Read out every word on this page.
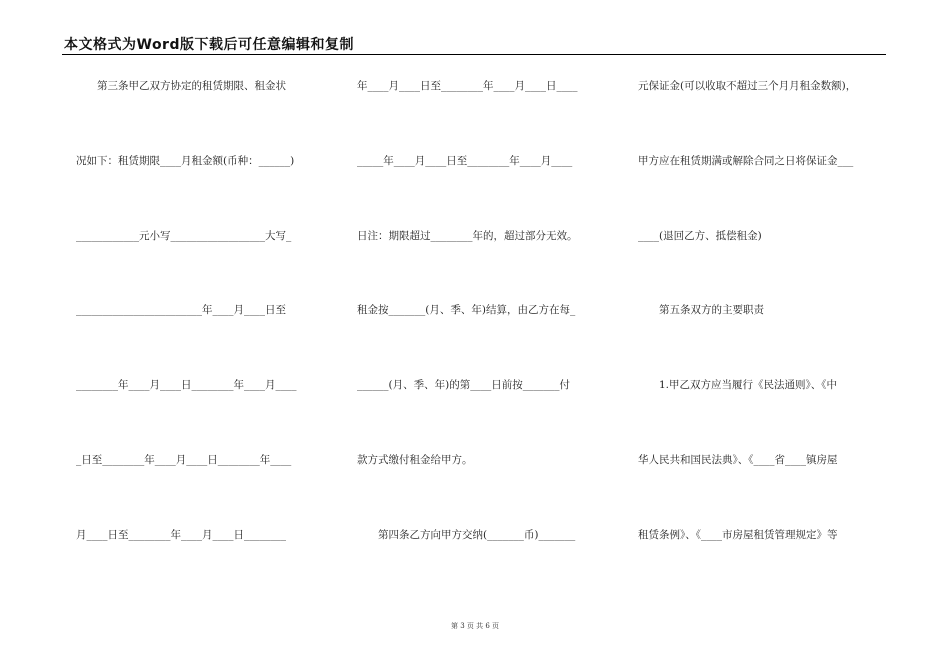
本文格式为Word版下载后可任意编辑和复制
　　第三条甲乙双方协定的租赁期限、租金状
况如下：租赁期限____月租金额(币种：______)
____________元小写__________________大写_
________________________年____月____日至
________年____月____日________年____月____
_日至________年____月____日________年____
月____日至________年____月____日________
年____月____日至________年____月____日____
_____年____月____日至________年____月____
日注：期限超过________年的，超过部分无效。
租金按_______(月、季、年)结算，由乙方在每_
______(月、季、年)的第____日前按_______付
款方式缴付租金给甲方。
　　第四条乙方向甲方交纳(_______币)_______
元保证金(可以收取不超过三个月月租金数额)，
甲方应在租赁期满或解除合同之日将保证金___
____(退回乙方、抵偿租金)
　　第五条双方的主要职责
　　1.甲乙双方应当履行《民法通则》、《中
华人民共和国民法典》、《____省____镇房屋
租赁条例》、《____市房屋租赁管理规定》等
第 3 页 共 6 页
